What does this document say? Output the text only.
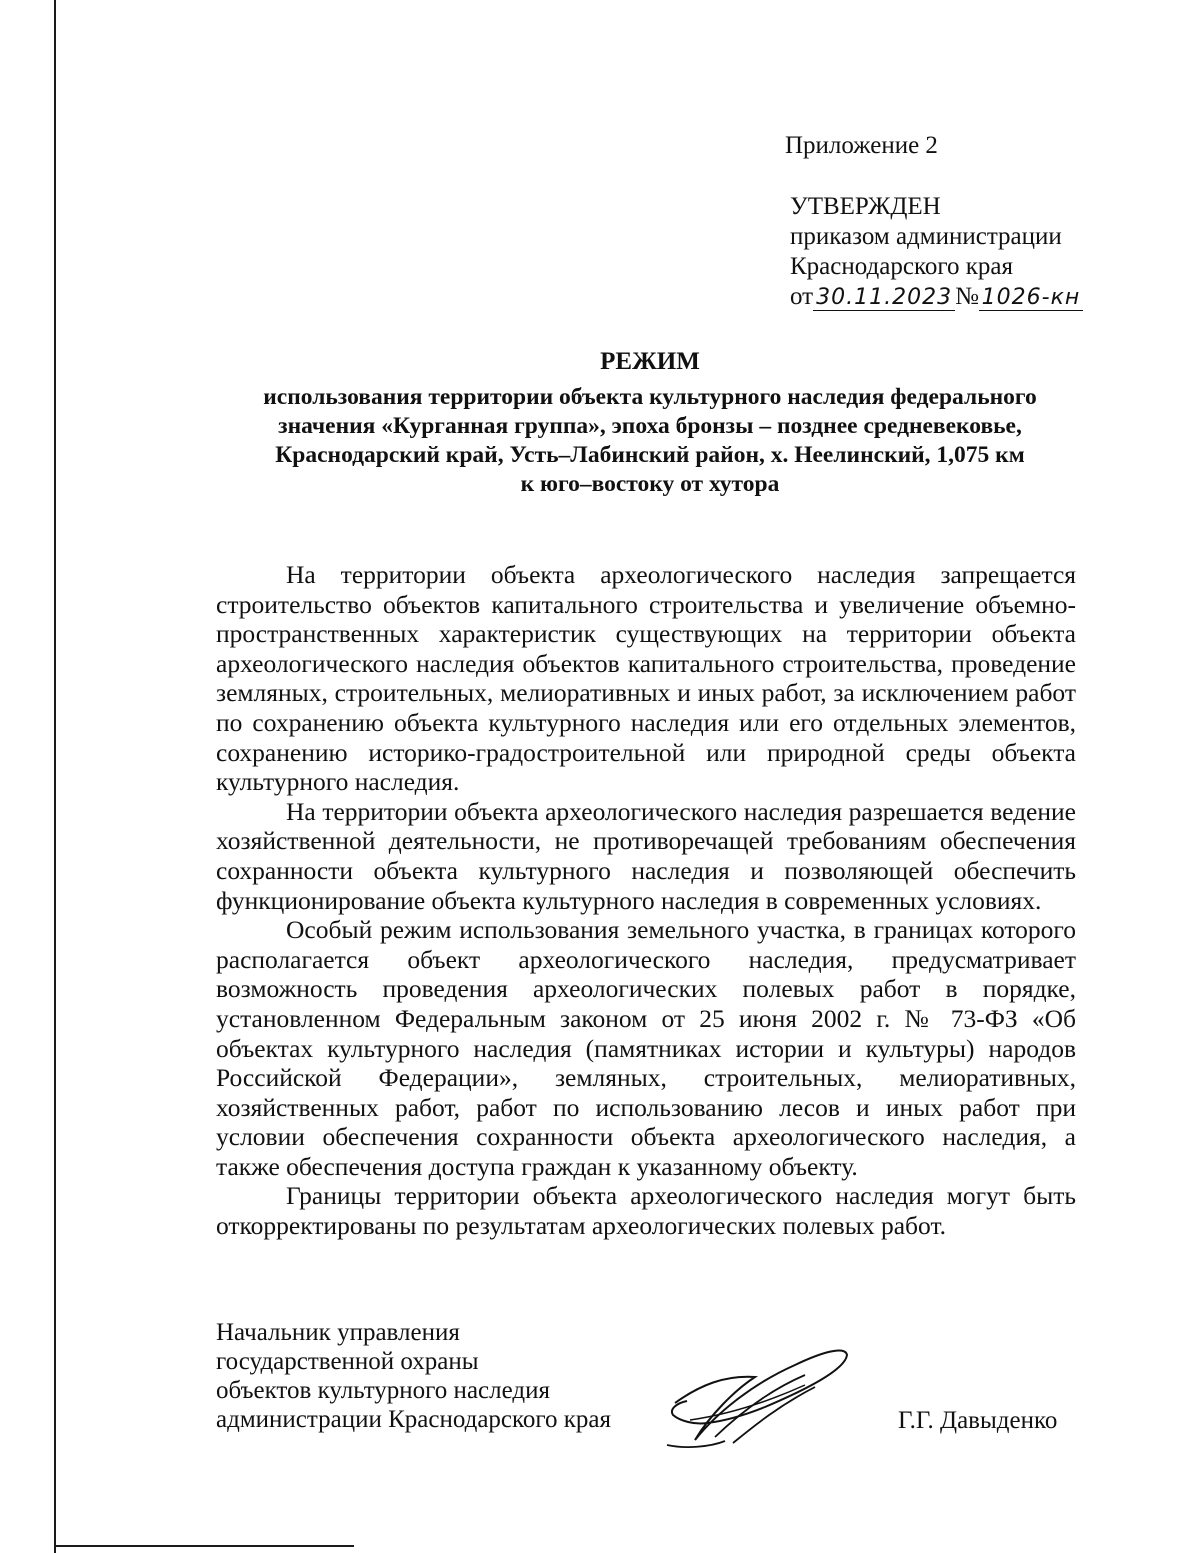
Приложение 2
УТВЕРЖДЕН
приказом администрации
Краснодарского края
от 30.11.2023 № 1026-кн
РЕЖИМ
использования территории объекта культурного наследия федерального
значения «Курганная группа», эпоха бронзы – позднее средневековье,
Краснодарский край, Усть–Лабинский район, х. Неелинский, 1,075 км
к юго–востоку от хутора

На территории объекта археологического наследия запрещается строительство объектов капитального строительства и увеличение объемно-пространственных характеристик существующих на территории объекта археологического наследия объектов капитального строительства, проведение земляных, строительных, мелиоративных и иных работ, за исключением работ по сохранению объекта культурного наследия или его отдельных элементов, сохранению историко-градостроительной или природной среды объекта культурного наследия.

На территории объекта археологического наследия разрешается ведение хозяйственной деятельности, не противоречащей требованиям обеспечения сохранности объекта культурного наследия и позволяющей обеспечить функционирование объекта культурного наследия в современных условиях.

Особый режим использования земельного участка, в границах которого располагается объект археологического наследия, предусматривает возможность проведения археологических полевых работ в порядке, установленном Федеральным законом от 25 июня 2002 г. № 73-ФЗ «Об объектах культурного наследия (памятниках истории и культуры) народов Российской Федерации», земляных, строительных, мелиоративных, хозяйственных работ, работ по использованию лесов и иных работ при условии обеспечения сохранности объекта археологического наследия, а также обеспечения доступа граждан к указанному объекту.

Границы территории объекта археологического наследия могут быть откорректированы по результатам археологических полевых работ.

Начальник управления
государственной охраны
объектов культурного наследия
администрации Краснодарского края	Г.Г. Давыденко
